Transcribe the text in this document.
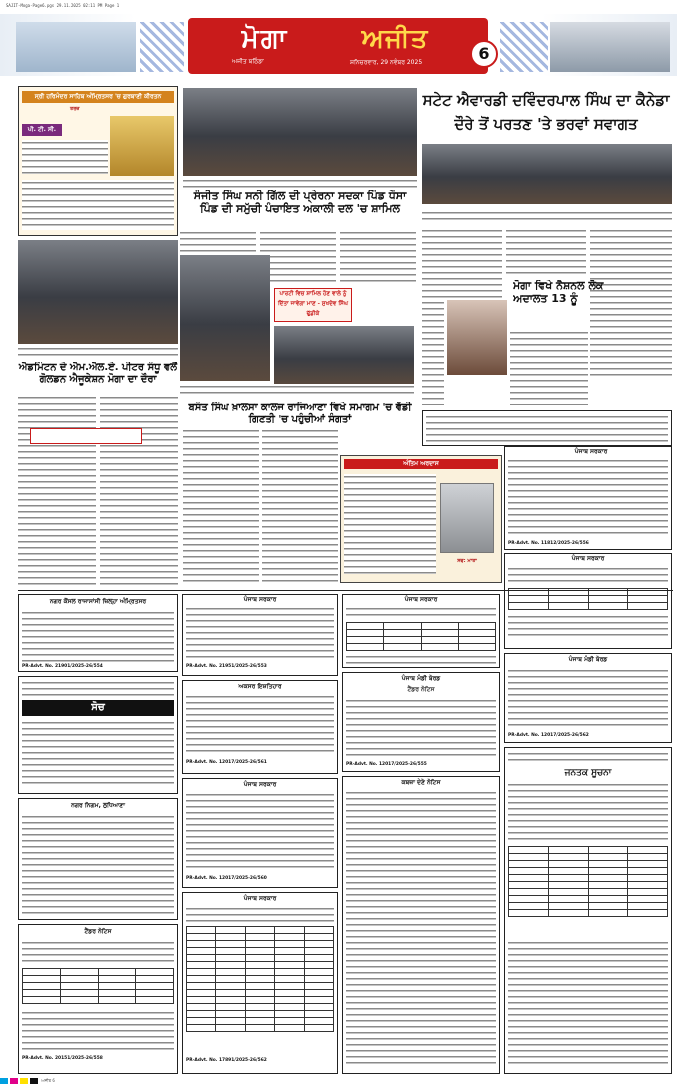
SAJIT-Moga-Page6.pgs 29.11.2025 02:11 PM Page 1
ਮੋਗਾ	ਅਜੀਤ
ਅਜੀਤ ਬਠਿੰਡਾ	ਸ਼ਨਿਚਰਵਾਰ, 29 ਨਵੰਬਰ 2025	6
ਸ੍ਰੀ ਹਰਿਮੰਦਰ ਸਾਹਿਬ ਅੰਮ੍ਰਿਤਸਰ 'ਚ ਗੁਰਬਾਣੀ ਕੀਰਤਨ
ਤਰਜ਼
ਪੀ. ਟੀ. ਸੀ.
ਸੰਜੀਤ ਸਿੰਘ ਸਨੀ ਗਿੱਲ ਦੀ ਪ੍ਰੇਰਨਾ ਸਦਕਾ ਪਿੰਡ ਧੌਸਾ ਪਿੰਡ ਦੀ ਸਮੁੱਚੀ ਪੰਚਾਇਤ ਅਕਾਲੀ ਦਲ 'ਚ ਸ਼ਾਮਿਲ
ਸਟੇਟ ਐਵਾਰਡੀ ਦਵਿੰਦਰਪਾਲ ਸਿੰਘ ਦਾ ਕੈਨੇਡਾ ਦੌਰੇ ਤੋਂ ਪਰਤਣ 'ਤੇ ਭਰਵਾਂ ਸਵਾਗਤ
ਐਡਮਿੰਟਨ ਦੇ ਐਮ.ਐਲ.ਏ. ਪੀਟਰ ਸੰਧੂ ਵਲੋਂ ਗੋਲਡਨ ਐਜੂਕੇਸ਼ਨ ਮੋਗਾ ਦਾ ਦੌਰਾ
ਪਾਰਟੀ ਵਿਚ ਸ਼ਾਮਿਲ ਹੋਣ ਵਾਲੇ ਨੂੰ ਦਿੱਤਾ ਜਾਵੇਗਾ ਮਾਣ - ਸੁਖਦੇਵ ਸਿੰਘ ਢੁੱਡੀਕੇ
ਬਸੰਤ ਸਿੰਘ ਖ਼ਾਲਸਾ ਕਾਲਜ ਰਾਜਿਆਣਾ ਵਿਖੇ ਸਮਾਗਮ 'ਚ ਵੱਡੀ ਗਿਣਤੀ 'ਚ ਪਹੁੰਚੀਆਂ ਸੰਗਤਾਂ
ਅੰਤਿਮ ਅਰਦਾਸ
ਸਵ: ਮਾਤਾ
ਮੋਗਾ ਵਿਖੇ ਨੈਸ਼ਨਲ ਲੋਕ ਅਦਾਲਤ 13 ਨੂੰ
ਪੰਜਾਬ ਸਰਕਾਰ
PR-Advt. No. 11812/2025-26/556
ਪੰਜਾਬ ਸਰਕਾਰ

ਨਗਰ ਕੌਂਸਲ ਰਾਜਾਸਾਂਸੀ ਜ਼ਿਲ੍ਹਾ ਅੰਮ੍ਰਿਤਸਰ
PR-Advt. No. 21901/2025-26/554
ਸੋਚ
ਨਗਰ ਨਿਗਮ, ਲੁਧਿਆਣਾ
ਟੈਂਡਰ ਨੋਟਿਸ

PR-Advt. No. 20151/2025-26/558
ਪੰਜਾਬ ਸਰਕਾਰ
PR-Advt. No. 21951/2025-26/553
ਅਕਸਰ ਇਸ਼ਤਿਹਾਰ
PR-Advt. No. 12017/2025-26/561
ਪੰਜਾਬ ਸਰਕਾਰ
PR-Advt. No. 12017/2025-26/560
ਪੰਜਾਬ ਸਰਕਾਰ

PR-Advt. No. 17891/2025-26/562
ਪੰਜਾਬ ਸਰਕਾਰ

ਪੰਜਾਬ ਮੰਡੀ ਬੋਰਡ
ਟੈਂਡਰ ਨੋਟਿਸ
PR-Advt. No. 12017/2025-26/555
ਕਬਜ਼ਾ ਦੇਣੋ ਨੋਟਿਸ
ਪੰਜਾਬ ਮੰਡੀ ਬੋਰਡ
PR-Advt. No. 12017/2025-26/562
ਜਨਤਕ ਸੂਚਨਾ

ਅਜੀਤ 6
